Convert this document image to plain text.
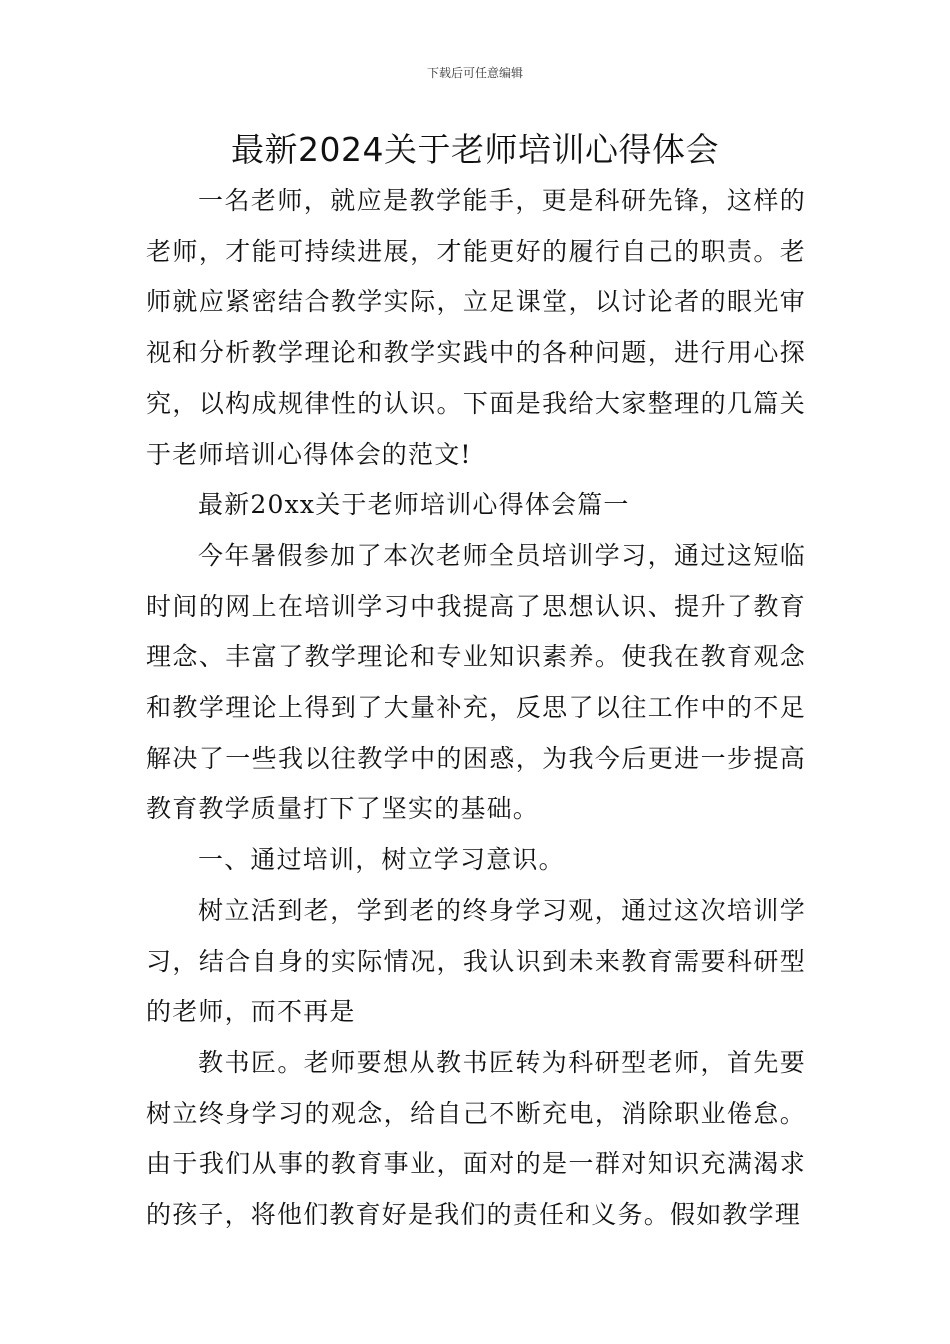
下载后可任意编辑
最新2024关于老师培训心得体会

一名老师，就应是教学能手，更是科研先锋，这样的老师，才能可持续进展，才能更好的履行自己的职责。老师就应紧密结合教学实际，立足课堂，以讨论者的眼光审视和分析教学理论和教学实践中的各种问题，进行用心探究，以构成规律性的认识。下面是我给大家整理的几篇关于老师培训心得体会的范文!

最新20xx关于老师培训心得体会篇一

今年暑假参加了本次老师全员培训学习，通过这短临时间的网上在培训学习中我提高了思想认识、提升了教育理念、丰富了教学理论和专业知识素养。使我在教育观念和教学理论上得到了大量补充，反思了以往工作中的不足解决了一些我以往教学中的困惑，为我今后更进一步提高教育教学质量打下了坚实的基础。

一、通过培训，树立学习意识。

树立活到老，学到老的终身学习观，通过这次培训学习，结合自身的实际情况，我认识到未来教育需要科研型的老师，而不再是

教书匠。老师要想从教书匠转为科研型老师，首先要树立终身学习的观念，给自己不断充电，消除职业倦怠。由于我们从事的教育事业，面对的是一群对知识充满渴求的孩子，将他们教育好是我们的责任和义务。假如教学理
